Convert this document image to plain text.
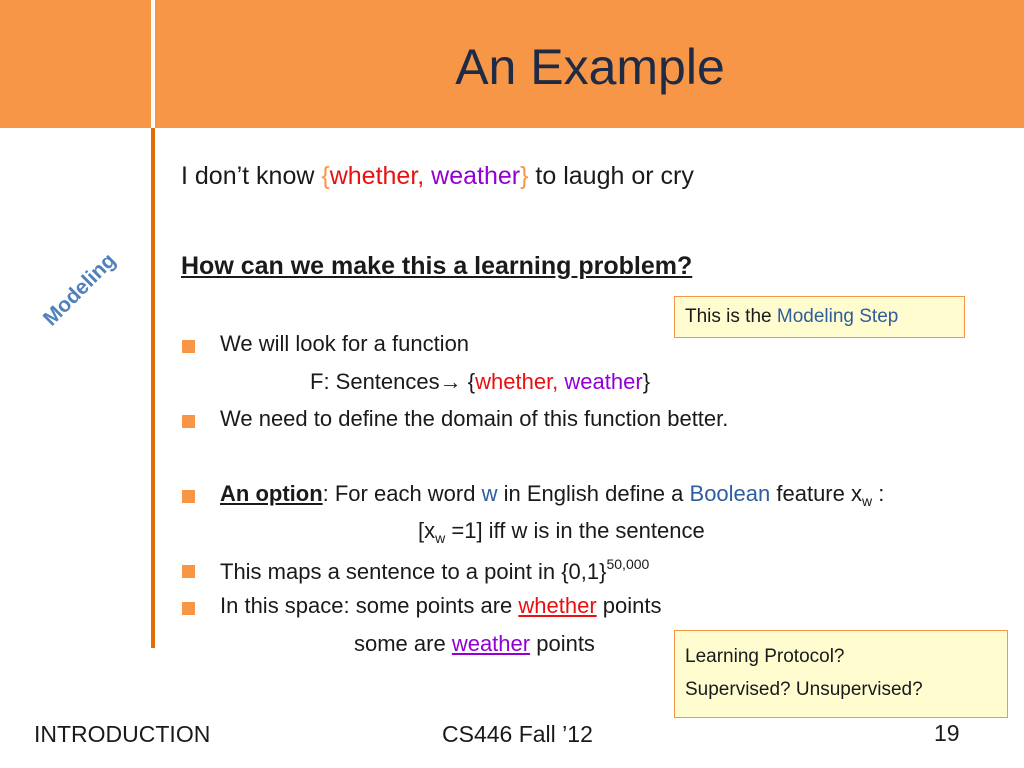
An Example
Modeling
I don’t know {whether, weather} to laugh or cry
How can we make this a learning problem?
This is the Modeling Step
We will look for a function
F: Sentences→ {whether, weather}
We need to define the domain of this function better.
An option: For each word w in English define a Boolean feature $x_w$ :
$[x_w =1]$ iff w is in the sentence
This maps a sentence to a point in $\{0,1\}^{50,000}$
In this space: some points are whether points
some are weather points
Learning Protocol?
Supervised? Unsupervised?
INTRODUCTION	CS446 Fall ’12	19
